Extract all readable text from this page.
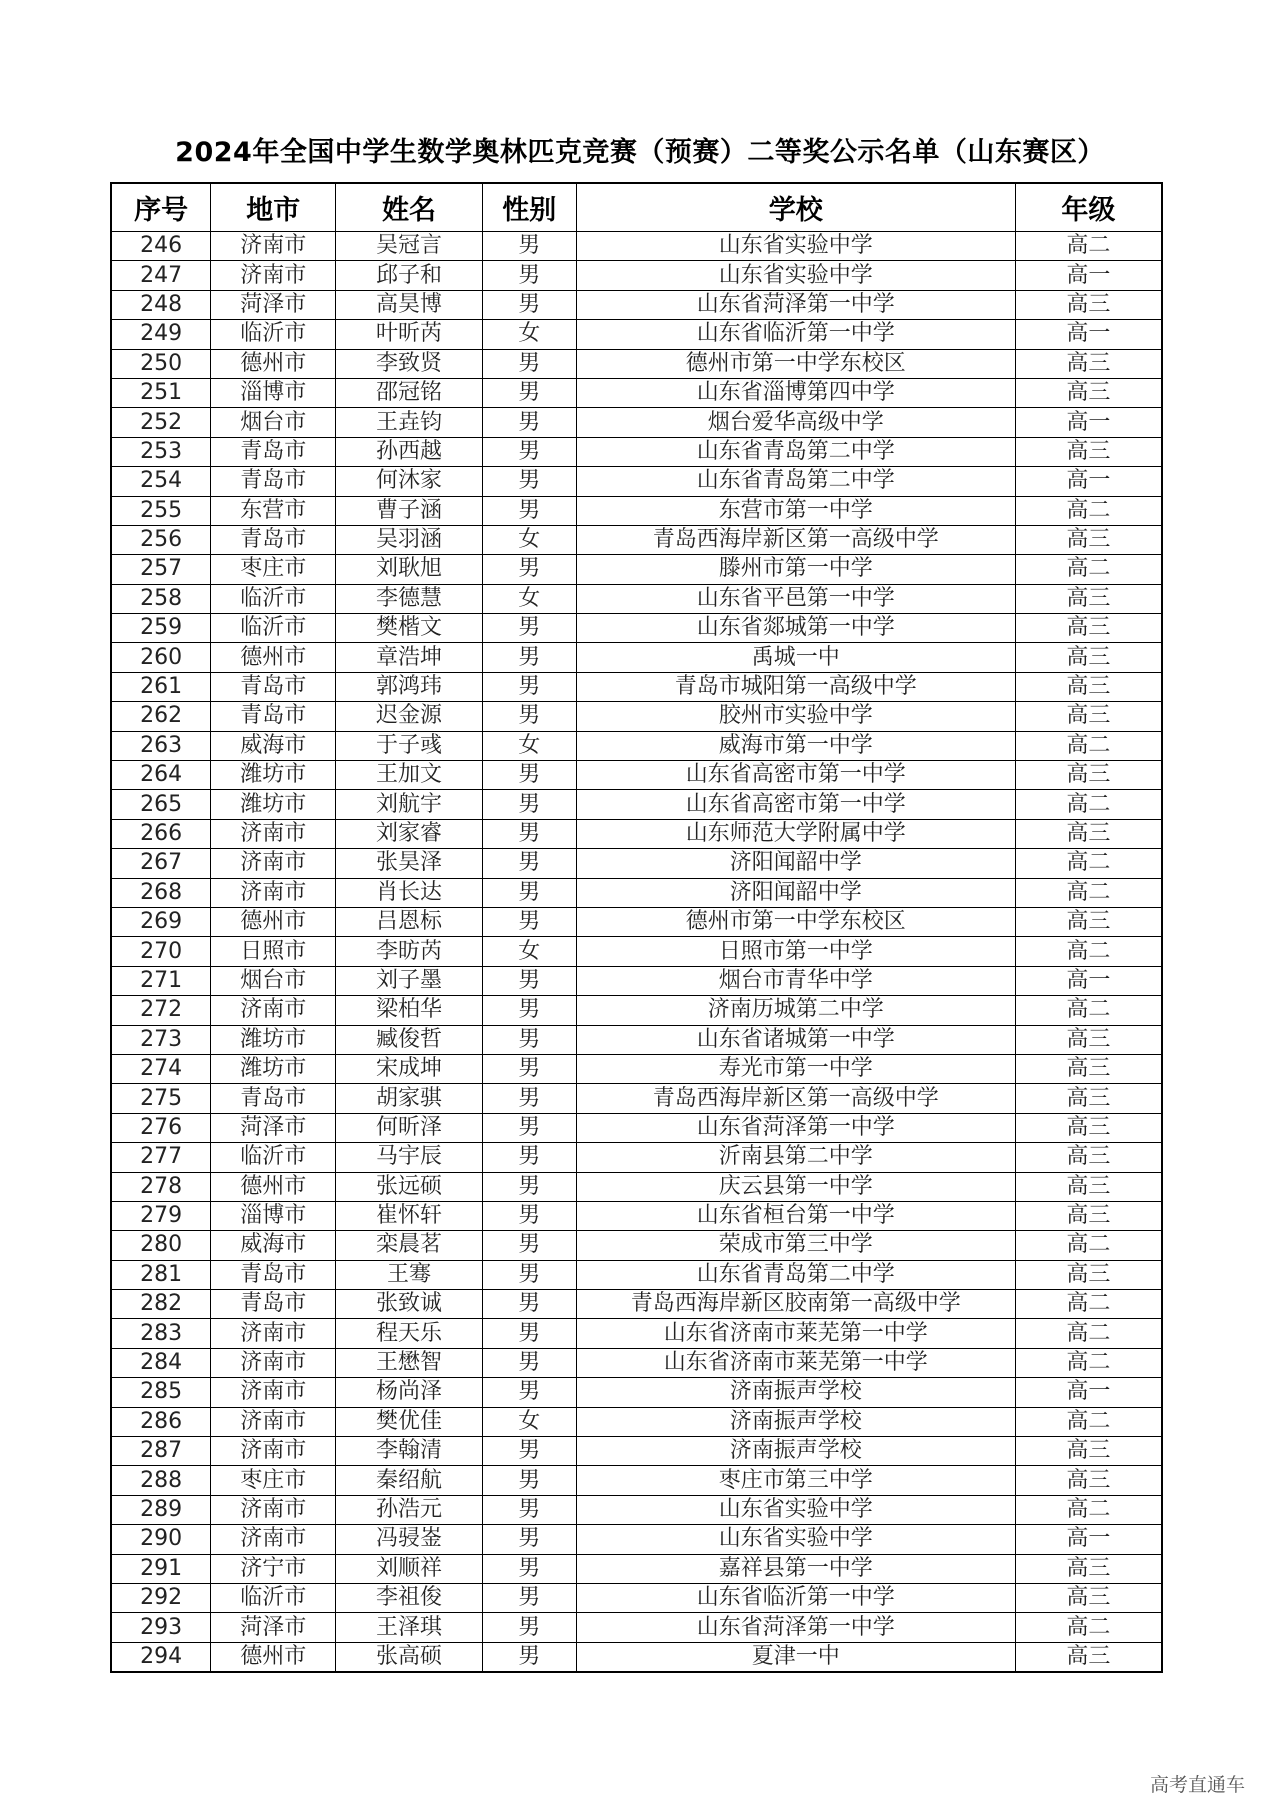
2024年全国中学生数学奥林匹克竞赛（预赛）二等奖公示名单（山东赛区）
序号	地市	姓名	性别	学校	年级
246	济南市	吴冠言	男	山东省实验中学	高二
247	济南市	邱子和	男	山东省实验中学	高一
248	菏泽市	高昊博	男	山东省菏泽第一中学	高三
249	临沂市	叶昕芮	女	山东省临沂第一中学	高一
250	德州市	李致贤	男	德州市第一中学东校区	高三
251	淄博市	邵冠铭	男	山东省淄博第四中学	高三
252	烟台市	王垚钧	男	烟台爱华高级中学	高一
253	青岛市	孙西越	男	山东省青岛第二中学	高三
254	青岛市	何沐家	男	山东省青岛第二中学	高一
255	东营市	曹子涵	男	东营市第一中学	高二
256	青岛市	吴羽涵	女	青岛西海岸新区第一高级中学	高三
257	枣庄市	刘耿旭	男	滕州市第一中学	高二
258	临沂市	李德慧	女	山东省平邑第一中学	高三
259	临沂市	樊楷文	男	山东省郯城第一中学	高三
260	德州市	章浩坤	男	禹城一中	高三
261	青岛市	郭鸿玮	男	青岛市城阳第一高级中学	高三
262	青岛市	迟金源	男	胶州市实验中学	高三
263	威海市	于子彧	女	威海市第一中学	高二
264	潍坊市	王加文	男	山东省高密市第一中学	高三
265	潍坊市	刘航宇	男	山东省高密市第一中学	高二
266	济南市	刘家睿	男	山东师范大学附属中学	高三
267	济南市	张昊泽	男	济阳闻韶中学	高二
268	济南市	肖长达	男	济阳闻韶中学	高二
269	德州市	吕恩标	男	德州市第一中学东校区	高三
270	日照市	李昉芮	女	日照市第一中学	高二
271	烟台市	刘子墨	男	烟台市青华中学	高一
272	济南市	梁柏华	男	济南历城第二中学	高二
273	潍坊市	臧俊哲	男	山东省诸城第一中学	高三
274	潍坊市	宋成坤	男	寿光市第一中学	高三
275	青岛市	胡家骐	男	青岛西海岸新区第一高级中学	高三
276	菏泽市	何昕泽	男	山东省菏泽第一中学	高三
277	临沂市	马宇辰	男	沂南县第二中学	高三
278	德州市	张远硕	男	庆云县第一中学	高三
279	淄博市	崔怀轩	男	山东省桓台第一中学	高三
280	威海市	栾晨茗	男	荣成市第三中学	高二
281	青岛市	王骞	男	山东省青岛第二中学	高三
282	青岛市	张致诚	男	青岛西海岸新区胶南第一高级中学	高二
283	济南市	程天乐	男	山东省济南市莱芜第一中学	高二
284	济南市	王懋智	男	山东省济南市莱芜第一中学	高二
285	济南市	杨尚泽	男	济南振声学校	高一
286	济南市	樊优佳	女	济南振声学校	高二
287	济南市	李翰清	男	济南振声学校	高三
288	枣庄市	秦绍航	男	枣庄市第三中学	高三
289	济南市	孙浩元	男	山东省实验中学	高二
290	济南市	冯骎崟	男	山东省实验中学	高一
291	济宁市	刘顺祥	男	嘉祥县第一中学	高三
292	临沂市	李祖俊	男	山东省临沂第一中学	高三
293	菏泽市	王泽琪	男	山东省菏泽第一中学	高二
294	德州市	张高硕	男	夏津一中	高三
高考直通车
